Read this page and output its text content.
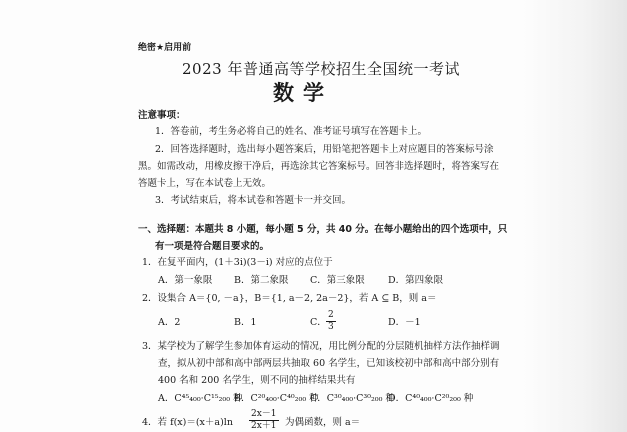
绝密★启用前
2023 年普通高等学校招生全国统一考试
数学
注意事项：
1．答卷前，考生务必将自己的姓名、准考证号填写在答题卡上。
2．回答选择题时，选出每小题答案后，用铅笔把答题卡上对应题目的答案标号涂
黑。如需改动，用橡皮擦干净后，再选涂其它答案标号。回答非选择题时，将答案写在
答题卡上，写在本试卷上无效。
3．考试结束后，将本试卷和答题卡一并交回。
一、选择题：本题共 8 小题，每小题 5 分，共 40 分。在每小题给出的四个选项中，只
有一项是符合题目要求的。
1．在复平面内，(1＋3i)(3－i) 对应的点位于
A．第一象限 B．第二象限 C．第三象限 D．第四象限
2．设集合 A＝{0, －a}，B＝{1, a－2, 2a－2}，若 A ⊆ B，则 a＝
A．2	B．1	C． $\frac{2}{3}$	D．－1
3．某学校为了解学生参加体育运动的情况，用比例分配的分层随机抽样方法作抽样调
查，拟从初中部和高中部两层共抽取 60 名学生，已知该校初中部和高中部分别有
400 名和 200 名学生，则不同的抽样结果共有
A．C⁴⁵₄₀₀·C¹⁵₂₀₀ 种
B．C²⁰₄₀₀·C⁴⁰₂₀₀ 种
C．C³⁰₄₀₀·C³⁰₂₀₀ 种
D．C⁴⁰₄₀₀·C²⁰₂₀₀ 种
4．若 $f(x)=(x+a)\ln \frac{2x-1}{2x+1}$ 为偶函数，则 a＝
